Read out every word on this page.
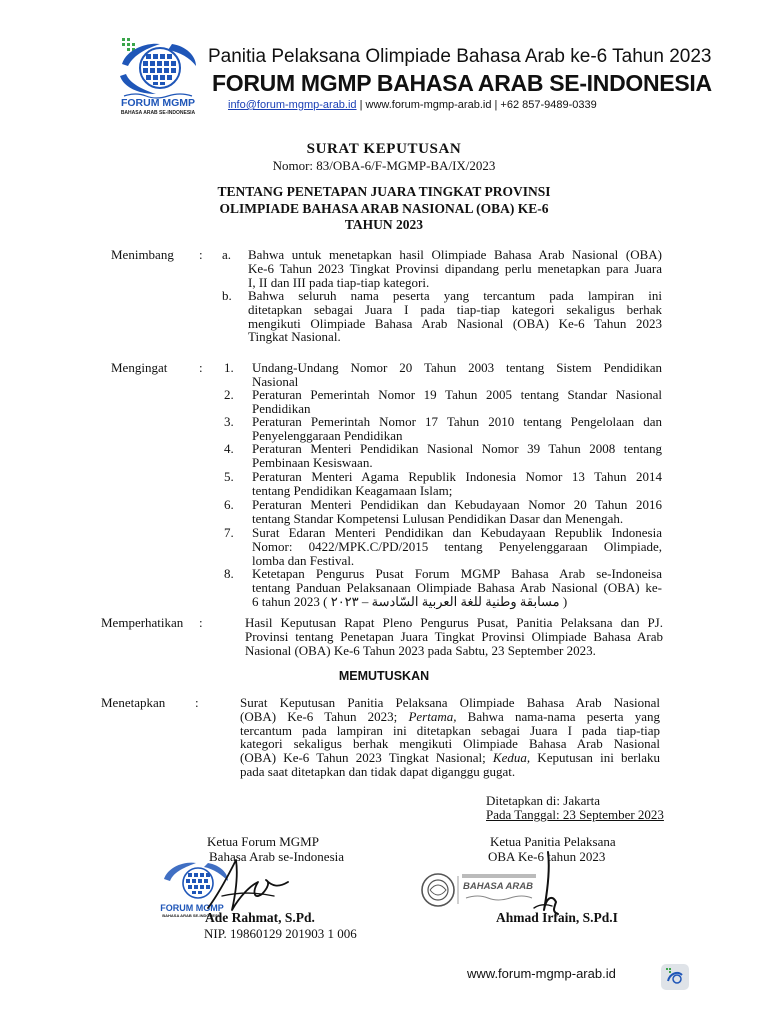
FORUM MGMP
BAHASA ARAB SE-INDONESIA
Panitia Pelaksana Olimpiade Bahasa Arab ke-6 Tahun 2023
FORUM MGMP BAHASA ARAB SE-INDONESIA
info@forum-mgmp-arab.id | www.forum-mgmp-arab.id | +62 857-9489-0339
SURAT KEPUTUSAN
Nomor: 83/OBA-6/F-MGMP-BA/IX/2023
TENTANG PENETAPAN JUARA TINGKAT PROVINSI
OLIMPIADE BAHASA ARAB NASIONAL (OBA) KE-6
TAHUN 2023
Menimbang : a. Bahwa untuk menetapkan hasil Olimpiade Bahasa Arab Nasional (OBA)
Ke-6 Tahun 2023 Tingkat Provinsi dipandang perlu menetapkan para Juara
I, II dan III pada tiap-tiap kategori.
b. Bahwa seluruh nama peserta yang tercantum pada lampiran ini
ditetapkan sebagai Juara I pada tiap-tiap kategori sekaligus berhak
mengikuti Olimpiade Bahasa Arab Nasional (OBA) Ke-6 Tahun 2023
Tingkat Nasional.
Mengingat : 1. Undang-Undang Nomor 20 Tahun 2003 tentang Sistem Pendidikan
Nasional
2. Peraturan Pemerintah Nomor 19 Tahun 2005 tentang Standar Nasional
Pendidikan
3. Peraturan Pemerintah Nomor 17 Tahun 2010 tentang Pengelolaan dan
Penyelenggaraan Pendidikan
4. Peraturan Menteri Pendidikan Nasional Nomor 39 Tahun 2008 tentang
Pembinaan Kesiswaan.
5. Peraturan Menteri Agama Republik Indonesia Nomor 13 Tahun 2014
tentang Pendidikan Keagamaan Islam;
6. Peraturan Menteri Pendidikan dan Kebudayaan Nomor 20 Tahun 2016
tentang Standar Kompetensi Lulusan Pendidikan Dasar dan Menengah.
7. Surat Edaran Menteri Pendidikan dan Kebudayaan Republik Indonesia
Nomor: 0422/MPK.C/PD/2015 tentang Penyelenggaraan Olimpiade,
lomba dan Festival.
8. Ketetapan Pengurus Pusat Forum MGMP Bahasa Arab se-Indoneisa
tentang Panduan Pelaksanaan Olimpiade Bahasa Arab Nasional (OBA) ke-
6 tahun 2023 ( مسابقة وطنية للغة العربية السّادسة – ٢٠٢٣ )
Memperhatikan :	Hasil Keputusan Rapat Pleno Pengurus Pusat, Panitia Pelaksana dan PJ.
Provinsi tentang Penetapan Juara Tingkat Provinsi Olimpiade Bahasa Arab
Nasional (OBA) Ke-6 Tahun 2023 pada Sabtu, 23 September 2023.
MEMUTUSKAN
Menetapkan :	Surat Keputusan Panitia Pelaksana Olimpiade Bahasa Arab Nasional
(OBA) Ke-6 Tahun 2023; Pertama, Bahwa nama-nama peserta yang
tercantum pada lampiran ini ditetapkan sebagai Juara I pada tiap-tiap
kategori sekaligus berhak mengikuti Olimpiade Bahasa Arab Nasional
(OBA) Ke-6 Tahun 2023 Tingkat Nasional; Kedua, Keputusan ini berlaku
pada saat ditetapkan dan tidak dapat diganggu gugat.
Ditetapkan di: Jakarta
Pada Tanggal: 23 September 2023
Ketua Forum MGMP
Bahasa Arab se-Indonesia
Ketua Panitia Pelaksana
OBA Ke-6 tahun 2023
FORUM MGMP
BAHASA ARAB SE-INDONESIA
BAHASA ARAB
Ade Rahmat, S.Pd.
NIP. 19860129 201903 1 006
Ahmad Irfain, S.Pd.I
www.forum-mgmp-arab.id
